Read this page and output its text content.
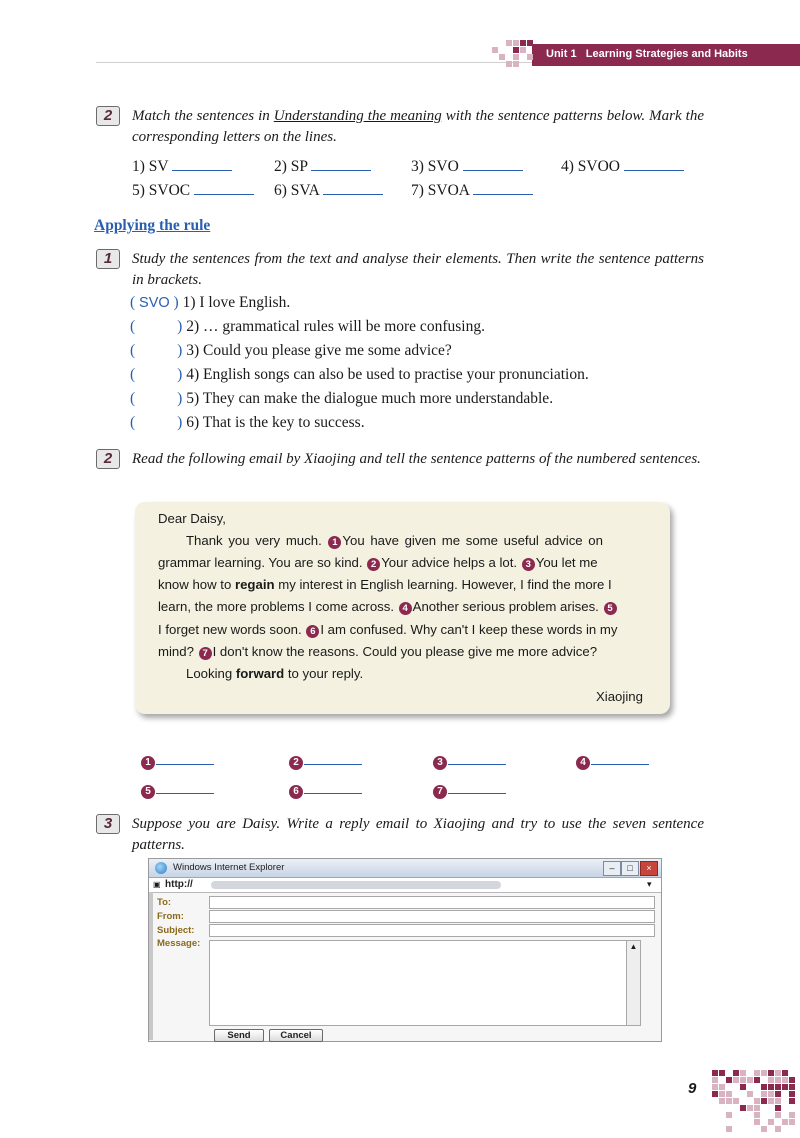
Unit 1 Learning Strategies and Habits
2	Match the sentences in Understanding the meaning with the sentence patterns below. Mark the corresponding letters on the lines.
1) SV	2) SP	3) SVO	4) SVOO
5) SVOC	6) SVA	7) SVOA
Applying the rule
1	Study the sentences from the text and analyse their elements. Then write the sentence patterns in brackets.
( SVO ) 1) I love English.
(	) 2) … grammatical rules will be more confusing.
(	) 3) Could you please give me some advice?
(	) 4) English songs can also be used to practise your pronunciation.
(	) 5) They can make the dialogue much more understandable.
(	) 6) That is the key to success.
2	Read the following email by Xiaojing and tell the sentence patterns of the numbered sentences.
Dear Daisy,
Thank you very much. 1 You have given me some useful advice on
grammar learning. You are so kind. 2 Your advice helps a lot. 3 You let me
know how to regain my interest in English learning. However, I find the more I
learn, the more problems I come across. 4 Another serious problem arises. 5
I forget new words soon. 6 I am confused. Why can't I keep these words in my
mind? 7 I don't know the reasons. Could you please give me more advice?
Looking forward to your reply.
Xiaojing
1	2	3	4
5	6	7
3	Suppose you are Daisy. Write a reply email to Xiaojing and try to use the seven sentence patterns.
Windows Internet Explorer	–	□	×
▣ http://	▾
To:
From:
Subject:
Message:	▲
Send	Cancel
9
